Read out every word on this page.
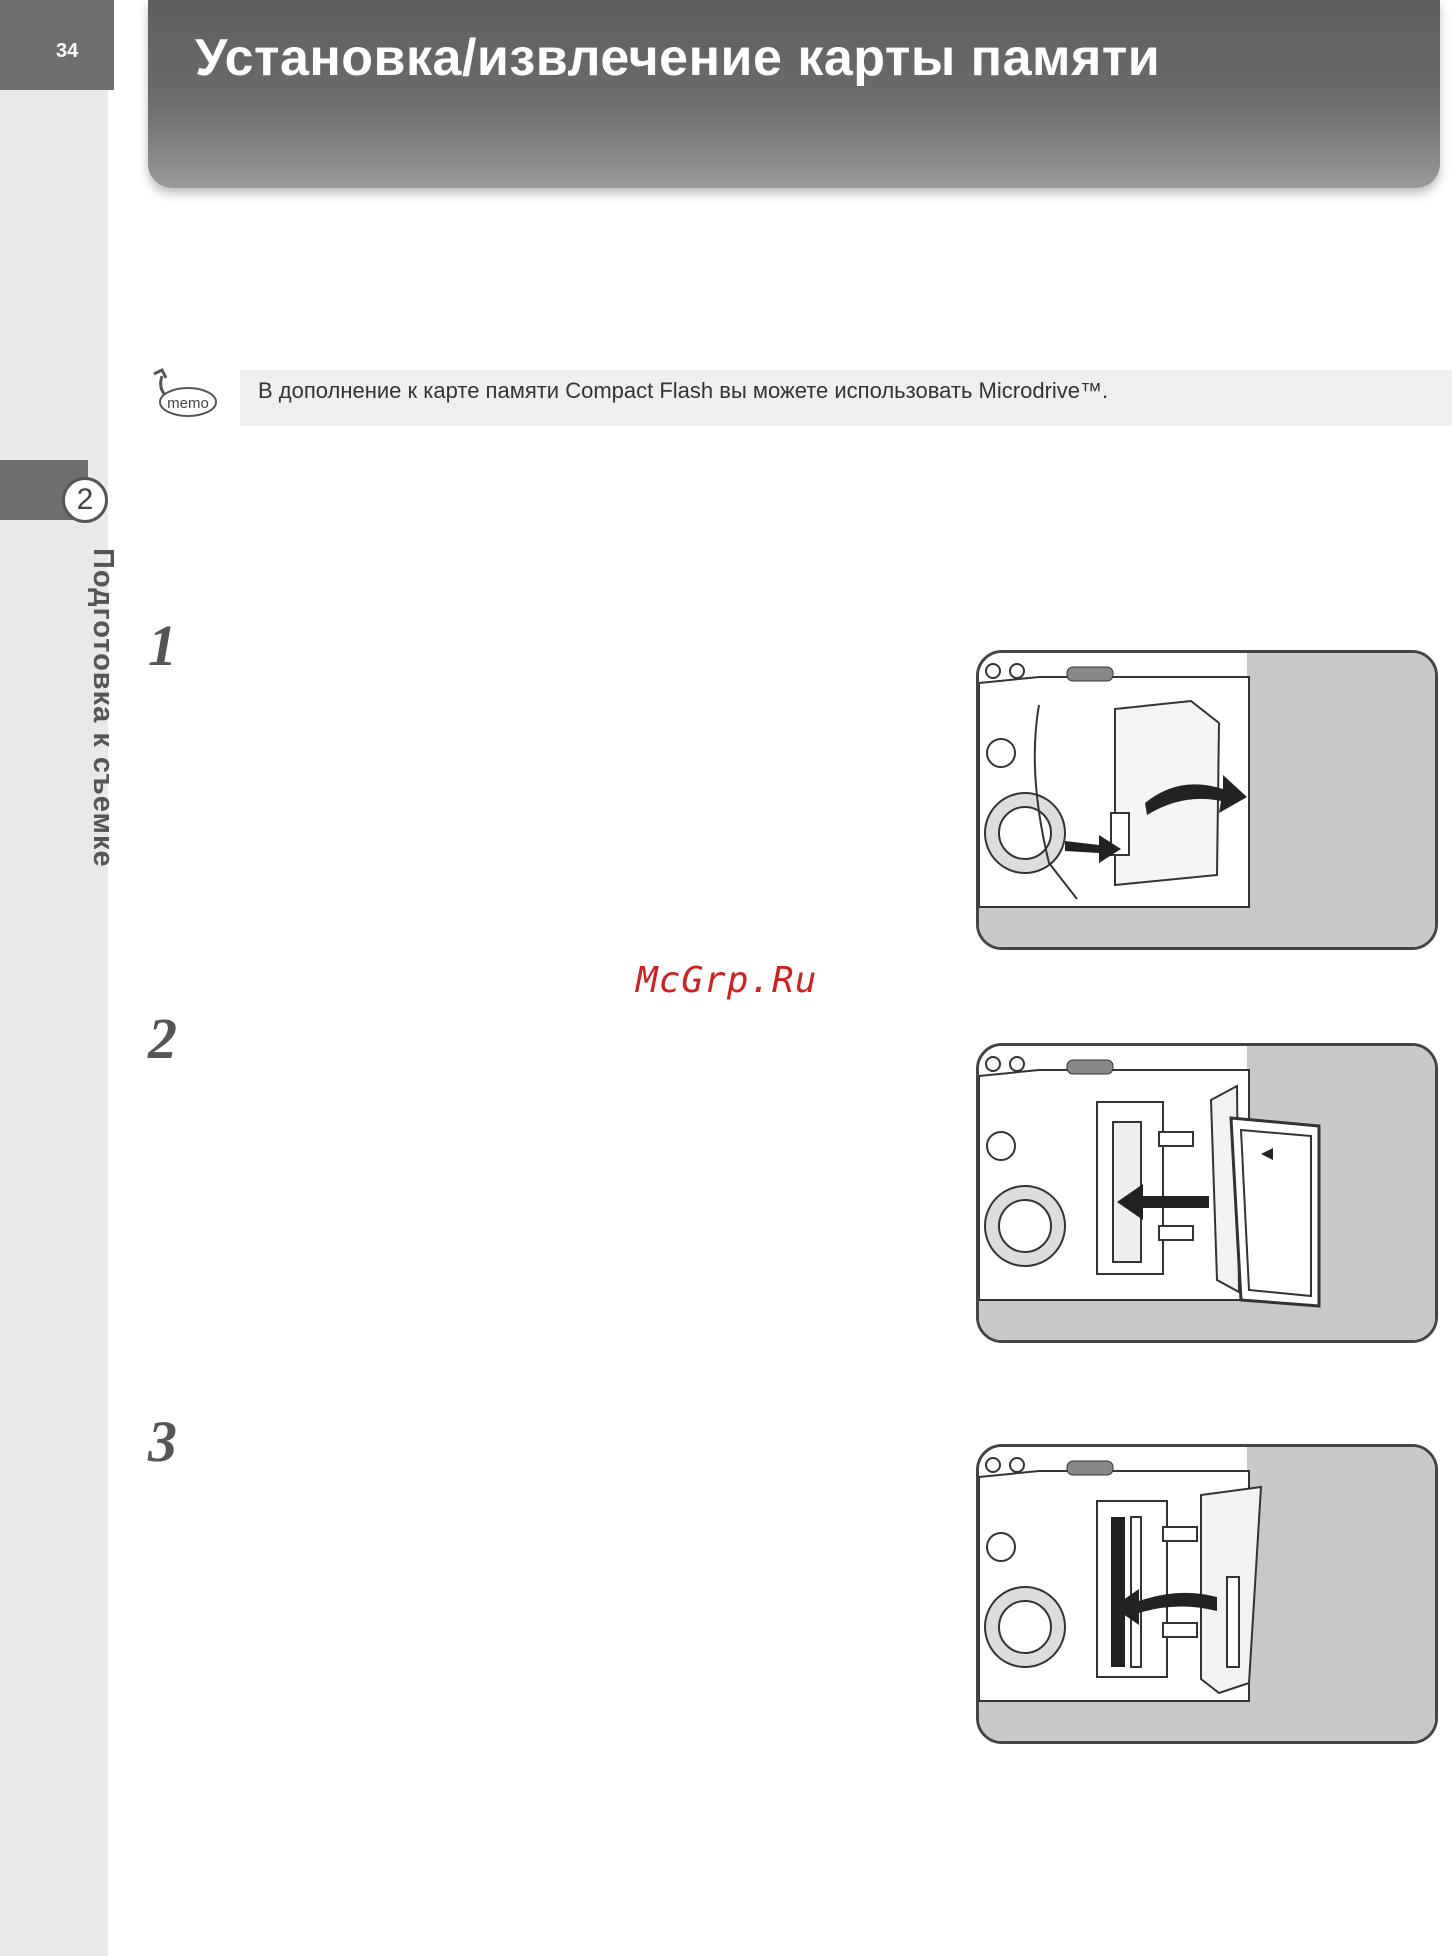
34
2
Подготовка к съемке
Установка/извлечение карты памяти
memo
В дополнение к карте памяти Compact Flash вы можете использовать Microdrive™.
1
McGrp.Ru
2
3
